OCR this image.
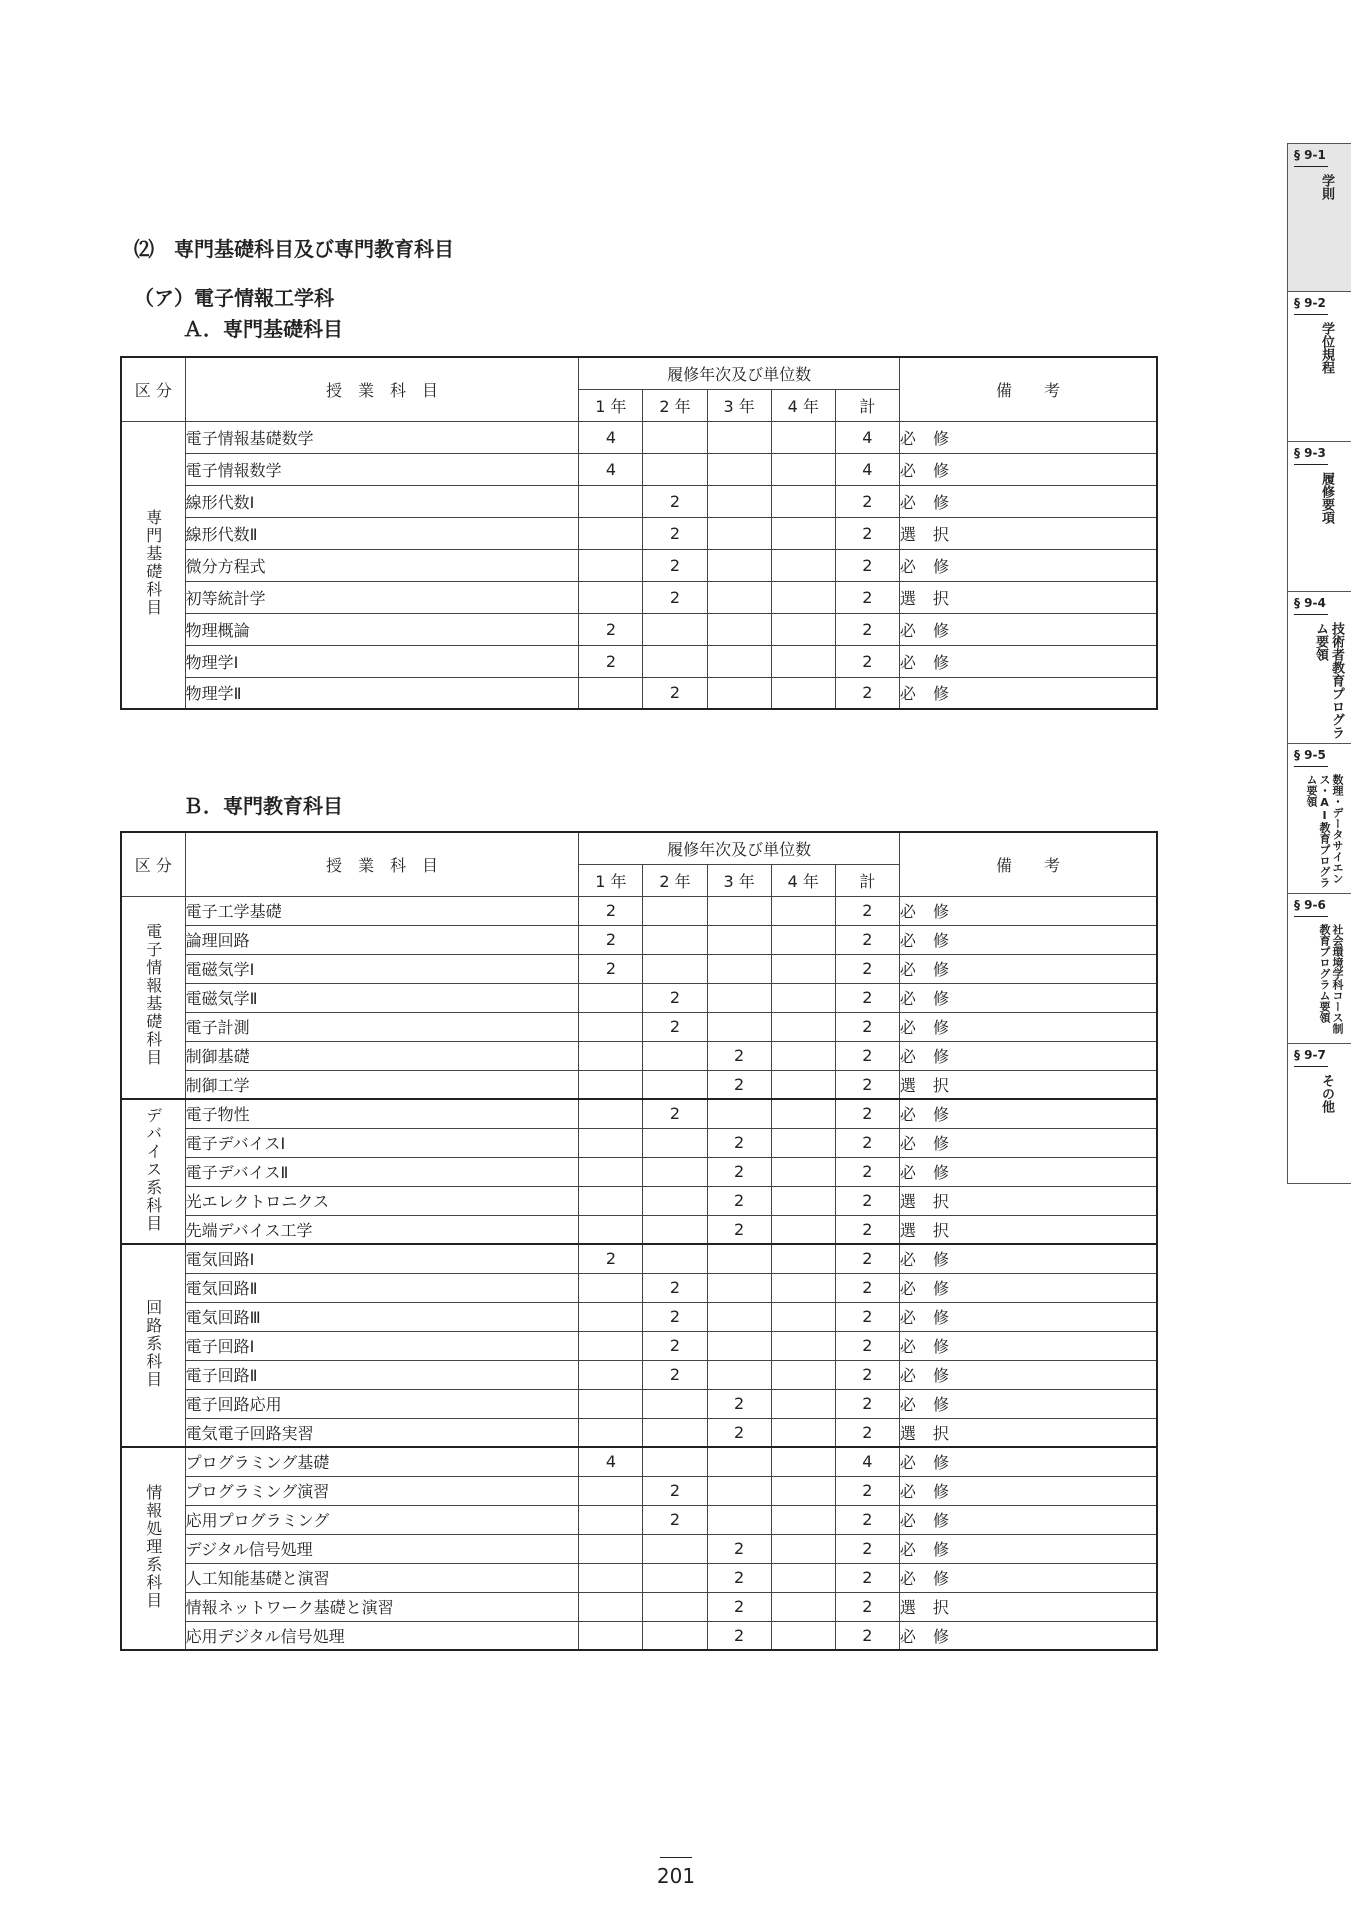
⑵　専門基礎科目及び専門教育科目
（ア）電子情報工学科
Ａ．専門基礎科目
区 分	授　業　科　目	履修年次及び単位数					備　　考
		1 年	2 年	3 年	4 年	計	
専門基礎科目	電子情報基礎数学	4				4	必 修
	電子情報数学	4				4	必 修
	線形代数Ⅰ		2			2	必 修
	線形代数Ⅱ		2			2	選 択
	微分方程式		2			2	必 修
	初等統計学		2			2	選 択
	物理概論	2				2	必 修
	物理学Ⅰ	2				2	必 修
	物理学Ⅱ		2			2	必 修
Ｂ．専門教育科目
区 分	授　業　科　目	履修年次及び単位数					備　　考
		1 年	2 年	3 年	4 年	計	
電子情報基礎科目	電子工学基礎	2				2	必 修
	論理回路	2				2	必 修
	電磁気学Ⅰ	2				2	必 修
	電磁気学Ⅱ		2			2	必 修
	電子計測		2			2	必 修
	制御基礎			2		2	必 修
	制御工学			2		2	選 択
デバイス系科目	電子物性		2			2	必 修
	電子デバイスⅠ			2		2	必 修
	電子デバイスⅡ			2		2	必 修
	光エレクトロニクス			2		2	選 択
	先端デバイス工学			2		2	選 択
回路系科目	電気回路Ⅰ	2				2	必 修
	電気回路Ⅱ		2			2	必 修
	電気回路Ⅲ		2			2	必 修
	電子回路Ⅰ		2			2	必 修
	電子回路Ⅱ		2			2	必 修
	電子回路応用			2		2	必 修
	電気電子回路実習			2		2	選 択
情報処理系科目	プログラミング基礎	4				4	必 修
	プログラミング演習		2			2	必 修
	応用プログラミング		2			2	必 修
	デジタル信号処理			2		2	必 修
	人工知能基礎と演習			2		2	必 修
	情報ネットワーク基礎と演習			2		2	選 択
	応用デジタル信号処理			2		2	必 修
§ 9-1
学則
§ 9-2
学位規程
§ 9-3
履修要項
§ 9-4
技術者教育プログラム要領
§ 9-5
数理・データサイエンス・AI教育プログラム要領
§ 9-6
社会環境学科コース制教育プログラム要領
§ 9-7
その他
201
